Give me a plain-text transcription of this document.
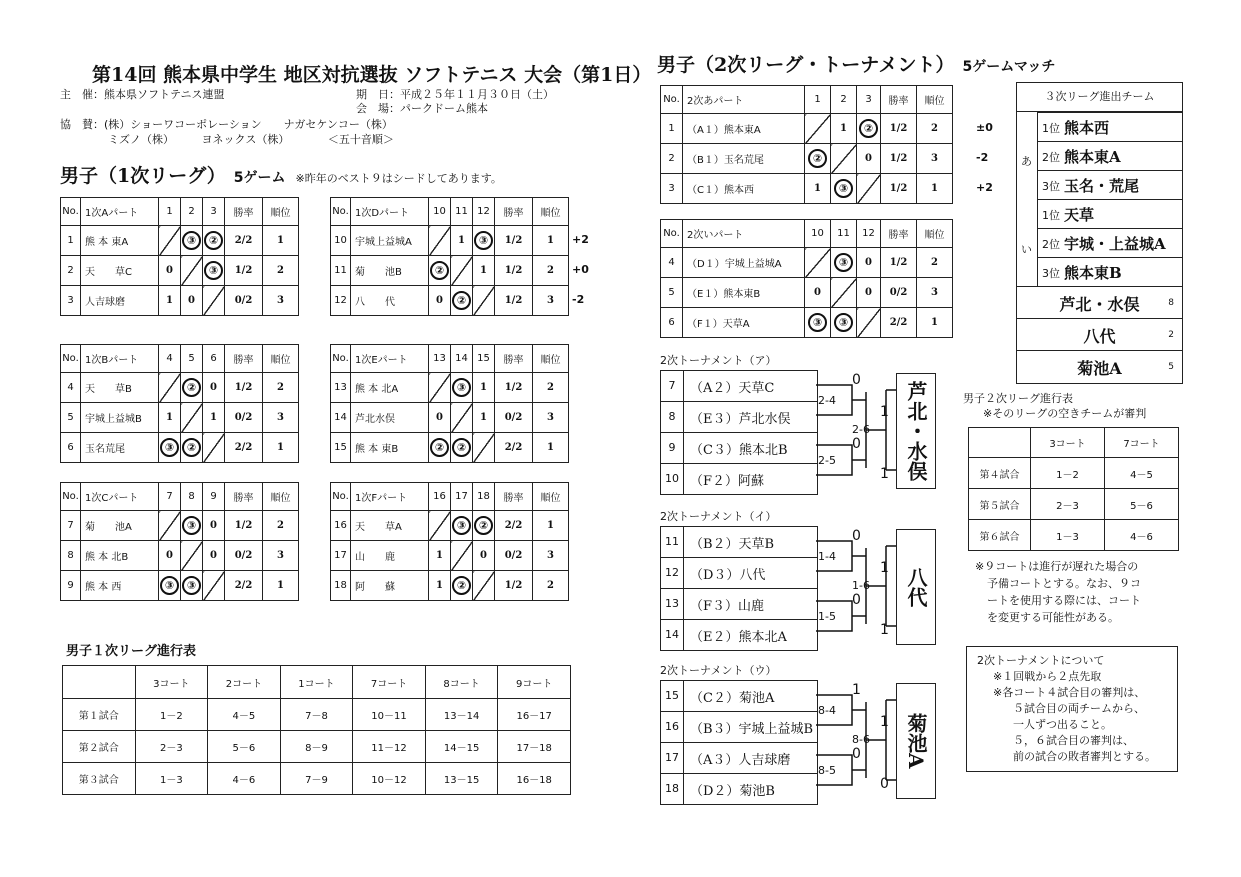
第14回 熊本県中学生 地区対抗選抜 ソフトテニス 大会（第1日）
主　催：熊本県ソフトテニス連盟	期　日：平成２５年１１月３０日（土）
会　場：パークドーム熊本
協　賛：(株）ショーワコーポレーション　　ナガセケンコー（株）
ミズノ（株）　　　ヨネックス（株）　　　　＜五十音順＞
男子（1次リーグ） 5ゲーム ※昨年のベスト９はシードしてあります。
No.	1次Aパート	1	2	3	勝率	順位
1	熊 本 東A		③	②	2/2	1
2	天　　草C	0		③	1/2	2
3	人吉球磨	1	0		0/2	3
No.	1次Dパート	10	11	12	勝率	順位
10	宇城上益城A		1	③	1/2	1
11	菊　　池B	②		1	1/2	2
12	八　　代	0	②		1/2	3
+2
+0
-2
No.	1次Bパート	4	5	6	勝率	順位
4	天　　草B		②	0	1/2	2
5	宇城上益城B	1		1	0/2	3
6	玉名荒尾	③	②		2/2	1
No.	1次Eパート	13	14	15	勝率	順位
13	熊 本 北A		③	1	1/2	2
14	芦北水俣	0		1	0/2	3
15	熊 本 東B	②	②		2/2	1
No.	1次Cパート	7	8	9	勝率	順位
7	菊　　池A		③	0	1/2	2
8	熊 本 北B	0		0	0/2	3
9	熊 本 西	③	③		2/2	1
No.	1次Fパート	16	17	18	勝率	順位
16	天　　草A		③	②	2/2	1
17	山　　鹿	1		0	0/2	3
18	阿　　蘇	1	②		1/2	2
男子１次リーグ進行表
	3コート	2コート	1コート	7コート	8コート	9コート
第１試合	1－2	4－5	7－8	10－11	13－14	16－17
第２試合	2－3	5－6	8－9	11－12	14－15	17－18
第３試合	1－3	4－6	7－9	10－12	13－15	16－18
男子（2次リーグ・トーナメント） 5ゲームマッチ
No.	2次あパート	1	2	3	勝率	順位
1	（A１）熊本東A		1	②	1/2	2
2	（B１）玉名荒尾	②		0	1/2	3
3	（C１）熊本西	1	③		1/2	1
±0
-2
+2
No.	2次いパート	10	11	12	勝率	順位
4	（D１）宇城上益城A		③	0	1/2	2
5	（E１）熊本東B	0		0	0/2	3
6	（F１）天草A	③	③		2/2	1
３次リーグ進出チーム
あ
い
1位 熊本西
2位 熊本東A
3位 玉名・荒尾
1位 天草
2位 宇城・上益城A
3位 熊本東B
芦北・水俣	8
八代	2
菊池A	5
2次トーナメント（ア）
7	（A２）天草C
8	（E３）芦北水俣
9	（C３）熊本北B
10 （F２）阿蘇
2-4
2-5
2-6
0
1
0
1 芦北・水俣
2次トーナメント（イ）
11 （B２）天草B
12 （D３）八代
13 （F３）山鹿
14 （E２）熊本北A
1-4
1-5
1-6
0
1
0
1
八代
2次トーナメント（ウ）
15 （C２）菊池A
16 （B３）宇城上益城B
17 （A３）人吉球磨
18 （D２）菊池B
8-4
8-5
8-6
1
1
0
0
菊池A
男子２次リーグ進行表
※そのリーグの空きチームが審判
	3コート	7コート
第４試合	1－2	4－5
第５試合	2－3	5－6
第６試合	1－3	4－6
※９コートは進行が遅れた場合の
予備コートとする。なお、９コ
ートを使用する際には、コート
を変更する可能性がある。
2次トーナメントについて
※１回戦から２点先取
※各コート４試合目の審判は、
５試合目の両チームから、
一人ずつ出ること。
５，６試合目の審判は、
前の試合の敗者審判とする。
